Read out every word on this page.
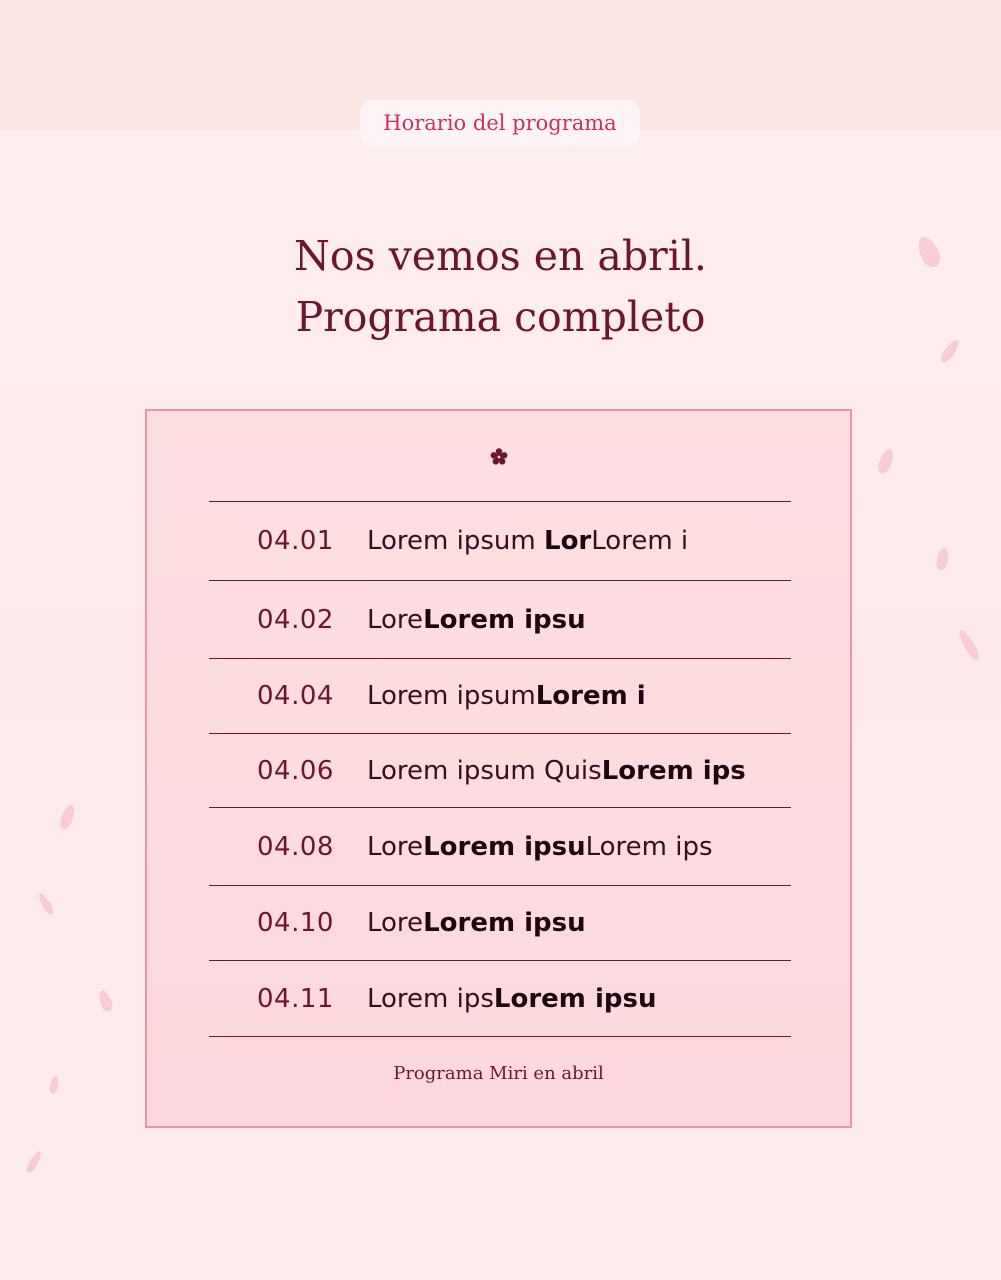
Horario del programa
Nos vemos en abril.
Programa completo
04.01	Lorem ipsum LorLorem i
04.02	LoreLorem ipsu
04.04	Lorem ipsumLorem i
04.06	Lorem ipsum QuisLorem ips
04.08	LoreLorem ipsuLorem ips
04.10	LoreLorem ipsu
04.11	Lorem ipsLorem ipsu
Programa Miri en abril
